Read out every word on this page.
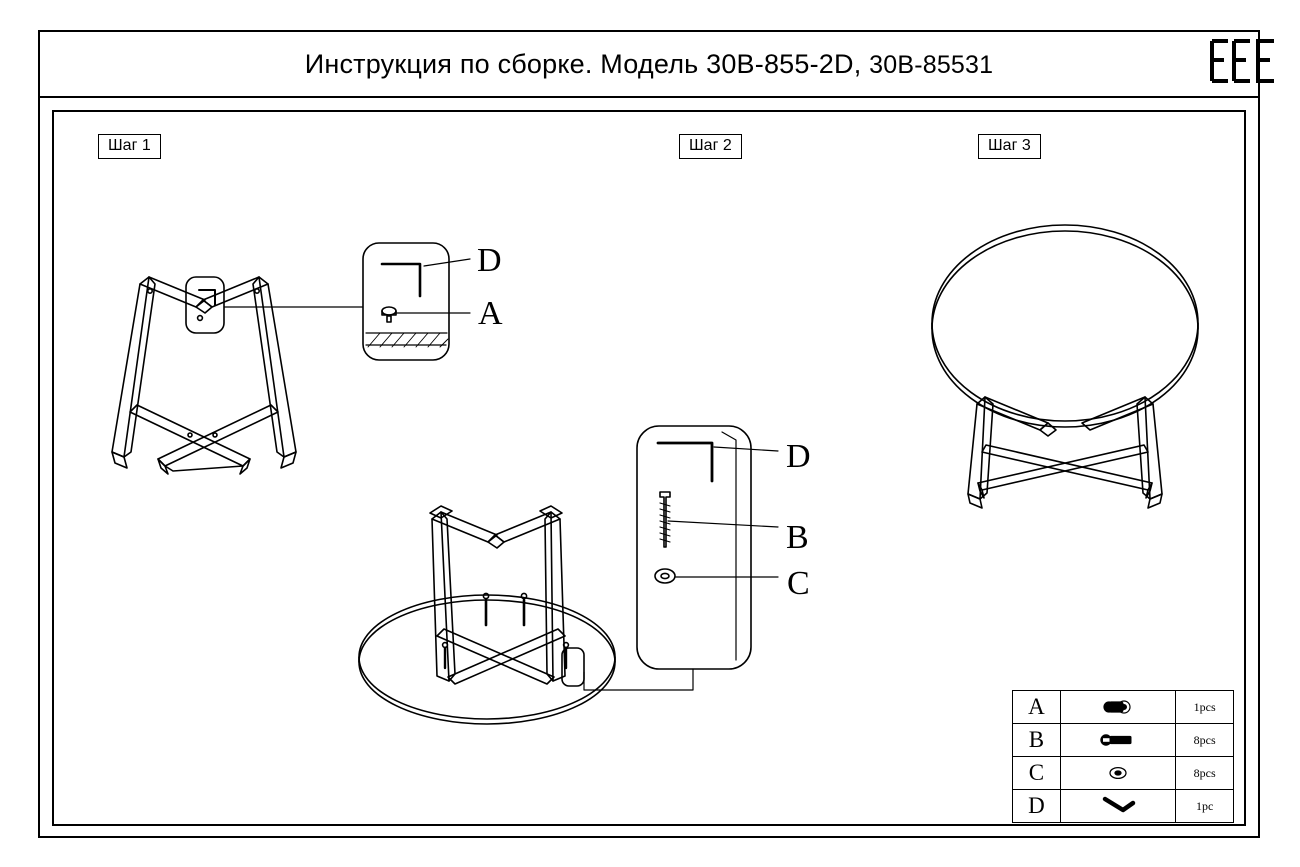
Инструкция по сборке. Модель 30В-855-2D, 30В-85531
Шаг 1	Шаг 2	Шаг 3
D
A
D
B
C
A		1pcs
B		8pcs
C		8pcs
D		1pc
